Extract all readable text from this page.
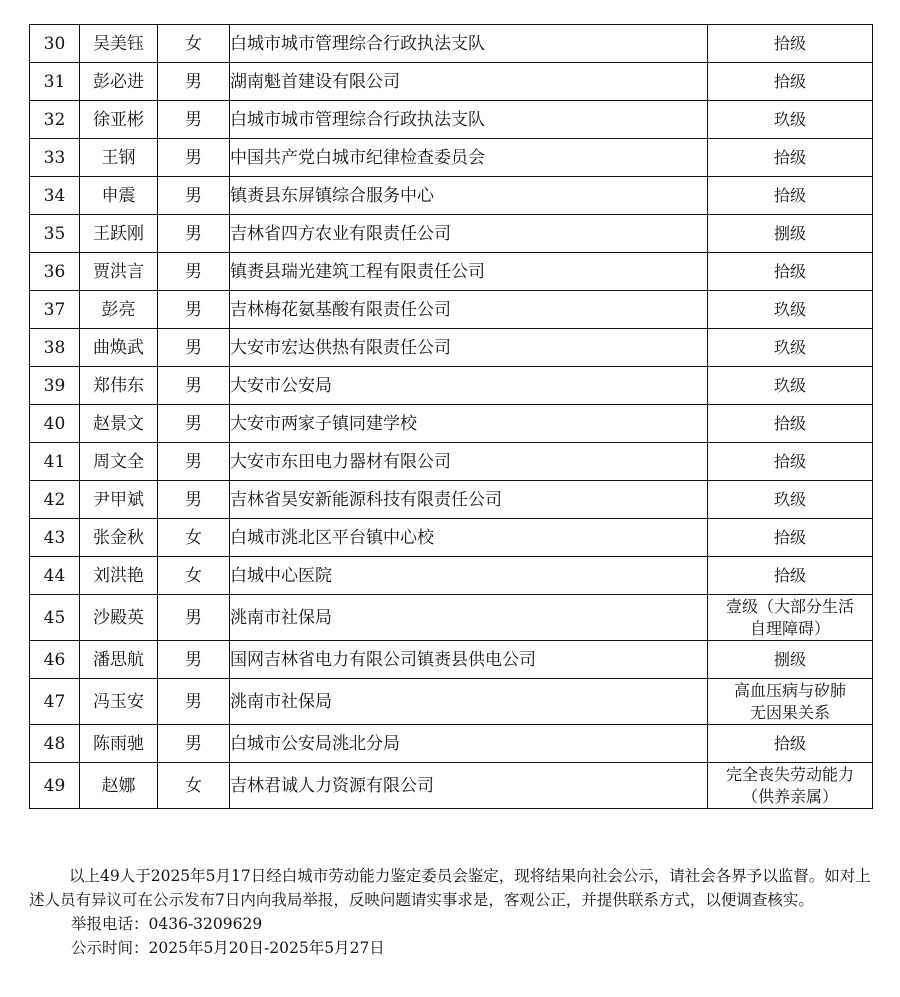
30	吴美钰	女	白城市城市管理综合行政执法支队	拾级
31	彭必进	男	湖南魁首建设有限公司	拾级
32	徐亚彬	男	白城市城市管理综合行政执法支队	玖级
33	王钢	男	中国共产党白城市纪律检查委员会	拾级
34	申震	男	镇赉县东屏镇综合服务中心	拾级
35	王跃刚	男	吉林省四方农业有限责任公司	捌级
36	贾洪言	男	镇赉县瑞光建筑工程有限责任公司	拾级
37	彭亮	男	吉林梅花氨基酸有限责任公司	玖级
38	曲焕武	男	大安市宏达供热有限责任公司	玖级
39	郑伟东	男	大安市公安局	玖级
40	赵景文	男	大安市两家子镇同建学校	拾级
41	周文全	男	大安市东田电力器材有限公司	拾级
42	尹甲斌	男	吉林省昊安新能源科技有限责任公司	玖级
43	张金秋	女	白城市洮北区平台镇中心校	拾级
44	刘洪艳	女	白城中心医院	拾级
45	沙殿英	男	洮南市社保局	壹级（大部分生活
自理障碍）
46	潘思航	男	国网吉林省电力有限公司镇赉县供电公司	捌级
47	冯玉安	男	洮南市社保局	高血压病与矽肺
无因果关系
48	陈雨驰	男	白城市公安局洮北分局	拾级
49	赵娜	女	吉林君诚人力资源有限公司	完全丧失劳动能力
（供养亲属）

以上49人于2025年5月17日经白城市劳动能力鉴定委员会鉴定，现将结果向社会公示，请社会各界予以监督。如对上述人员有异议可在公示发布7日内向我局举报，反映问题请实事求是，客观公正，并提供联系方式，以便调查核实。

举报电话：0436-3209629

公示时间：2025年5月20日-2025年5月27日
